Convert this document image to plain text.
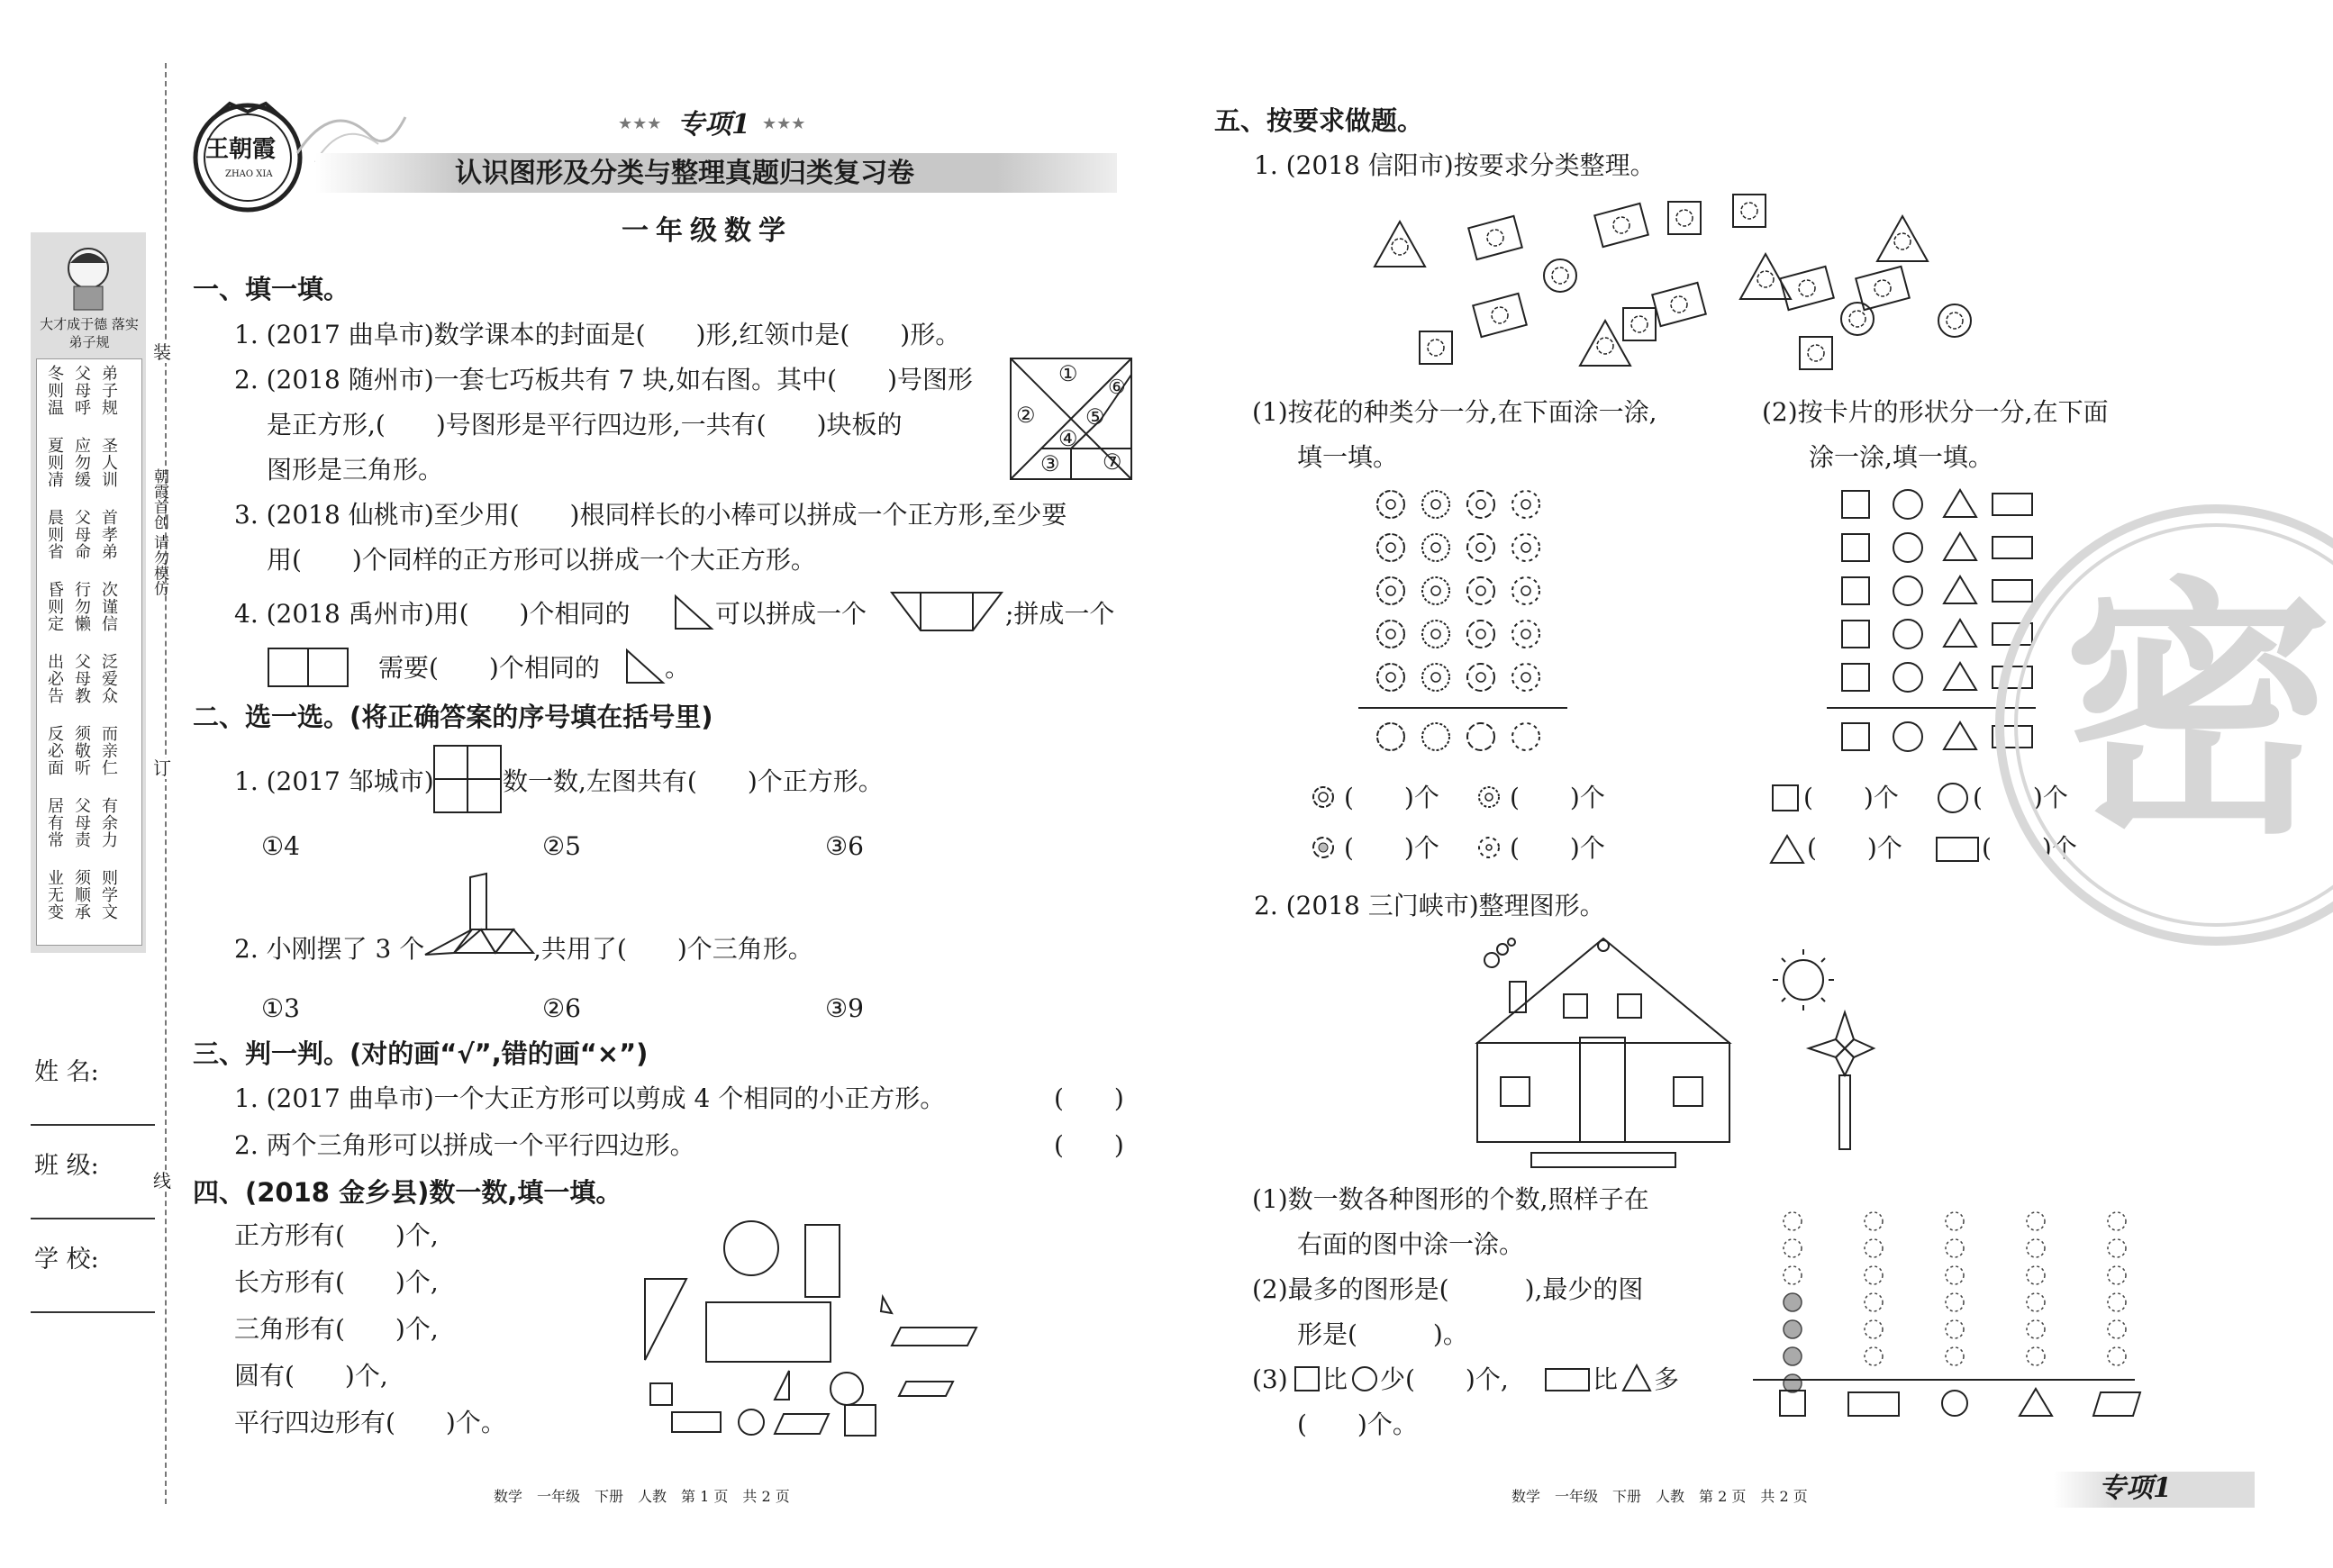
装
订
线
朝霞首创 请勿模仿
大才成于德 落实弟子规
冬则温
父母呼
弟子规
夏则凊
应勿缓
圣人训
晨则省
父母命
首孝弟
昏则定
行勿懒
次谨信
出必告
父母教
泛爱众
反必面
须敬听
而亲仁
居有常
父母责
有余力
业无变
须顺承
则学文
姓 名:
班 级:
学 校:
王朝霞
ZHAO XIA
★★★ 专项1 ★★★
认识图形及分类与整理真题归类复习卷
一年级数学
一、填一填。
1. (2017 曲阜市)数学课本的封面是(　　)形,红领巾是(　　)形。
2. (2018 随州市)一套七巧板共有 7 块,如右图。其中(　　)号图形
是正方形,(　　)号图形是平行四边形,一共有(　　)块板的
图形是三角形。
①
②
③
④
⑤
⑥
⑦
3. (2018 仙桃市)至少用(　　)根同样长的小棒可以拼成一个正方形,至少要
用(　　)个同样的正方形可以拼成一个大正方形。
4. (2018 禹州市)用(　　)个相同的	可以拼成一个	;拼成一个
需要(　　)个相同的	。
二、选一选。(将正确答案的序号填在括号里)
1. (2017 邹城市)	数一数,左图共有(　　)个正方形。
①4	②5	③6
2. 小刚摆了 3 个	,共用了(　　)个三角形。
①3	②6	③9
三、判一判。(对的画“√”,错的画“×”)
1. (2017 曲阜市)一个大正方形可以剪成 4 个相同的小正方形。	(　　)
2. 两个三角形可以拼成一个平行四边形。	(　　)
四、(2018 金乡县)数一数,填一填。
正方形有(　　)个,
长方形有(　　)个,
三角形有(　　)个,
圆有(　　)个,
平行四边形有(　　)个。
数学　一年级　下册　人教　第 1 页　共 2 页
五、按要求做题。
1. (2018 信阳市)按要求分类整理。
(1)按花的种类分一分,在下面涂一涂,
填一填。
(2)按卡片的形状分一分,在下面
涂一涂,填一填。
(　　)个	(　　)个
(　　)个	(　　)个
(　　)个	(　　)个
(　　)个	(　　)个
2. (2018 三门峡市)整理图形。
(1)数一数各种图形的个数,照样子在
右面的图中涂一涂。
(2)最多的图形是(　　　),最少的图
形是(　　　)。
(3) 比 少(　　)个,	比 多
(　　)个。
密
数学　一年级　下册　人教　第 2 页　共 2 页	专项1
